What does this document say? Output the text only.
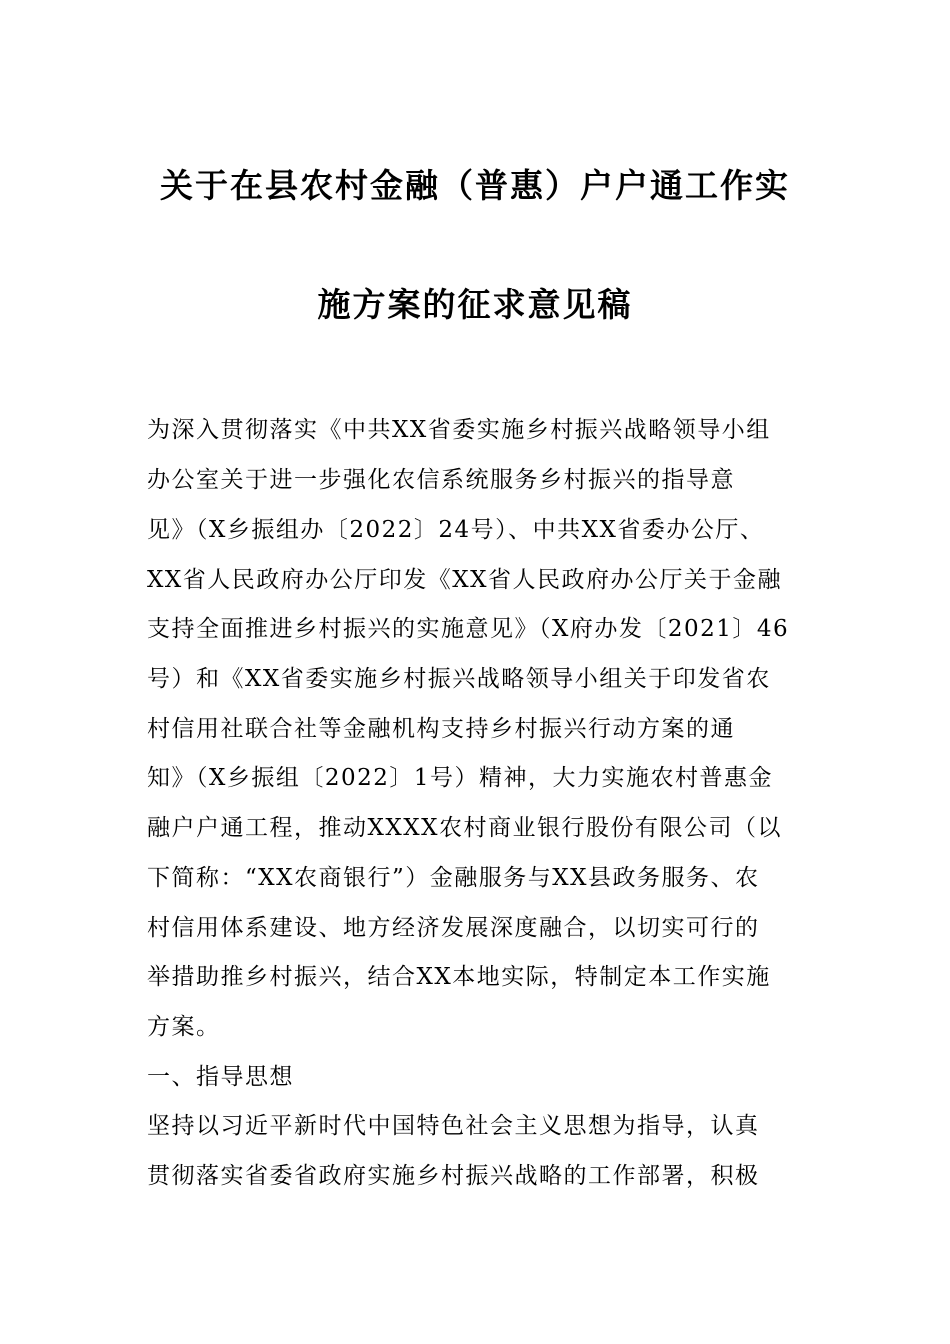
关于在县农村金融（普惠）户户通工作实
施方案的征求意见稿
为深入贯彻落实《中共XX省委实施乡村振兴战略领导小组
办公室关于进一步强化农信系统服务乡村振兴的指导意
见》（X乡振组办〔2022〕24号）、中共XX省委办公厅、
XX省人民政府办公厅印发《XX省人民政府办公厅关于金融
支持全面推进乡村振兴的实施意见》（X府办发〔2021〕46
号）和《XX省委实施乡村振兴战略领导小组关于印发省农
村信用社联合社等金融机构支持乡村振兴行动方案的通
知》（X乡振组〔2022〕1号）精神，大力实施农村普惠金
融户户通工程，推动XXXX农村商业银行股份有限公司（以
下简称：“XX农商银行”）金融服务与XX县政务服务、农
村信用体系建设、地方经济发展深度融合，以切实可行的
举措助推乡村振兴，结合XX本地实际，特制定本工作实施
方案。
一、指导思想
坚持以习近平新时代中国特色社会主义思想为指导，认真
贯彻落实省委省政府实施乡村振兴战略的工作部署，积极
